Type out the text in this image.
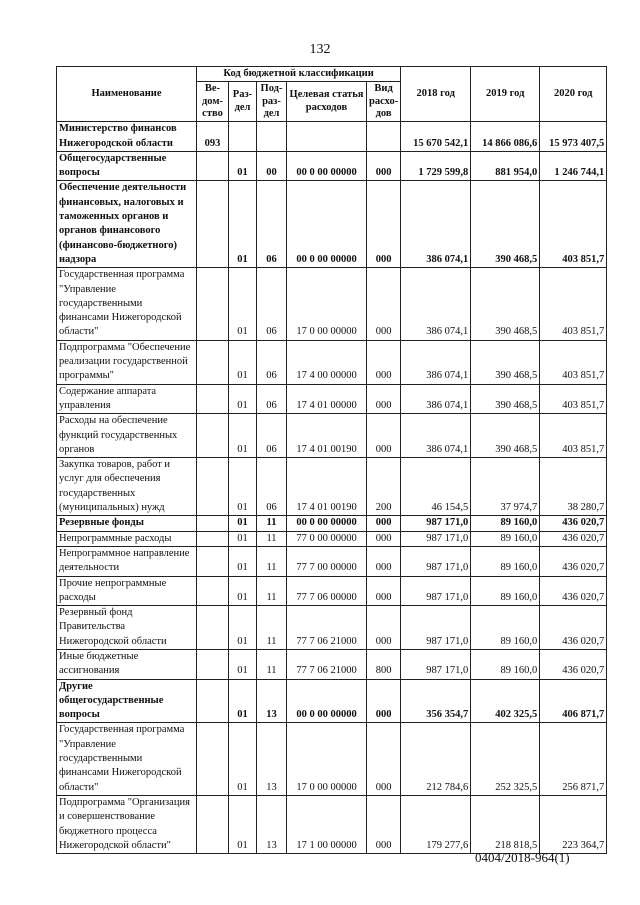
132
Наименование	Код бюджетной классификации					2018 год	2019 год	2020 год
	Ве-дом-ство	Раз-дел	Под-раз-дел	Целевая статья расходов	Вид расхо-дов			
Министерство финансов Нижегородской области	093					15 670 542,1	14 866 086,6	15 973 407,5
Общегосударственные вопросы		01	00	00 0 00 00000	000	1 729 599,8	881 954,0	1 246 744,1
Обеспечение деятельности финансовых, налоговых и таможенных органов и органов финансового (финансово-бюджетного) надзора		01	06	00 0 00 00000	000	386 074,1	390 468,5	403 851,7
Государственная программа "Управление государственными финансами Нижегородской области"		01	06	17 0 00 00000	000	386 074,1	390 468,5	403 851,7
Подпрограмма "Обеспечение реализации государственной программы"		01	06	17 4 00 00000	000	386 074,1	390 468,5	403 851,7
Содержание аппарата управления		01	06	17 4 01 00000	000	386 074,1	390 468,5	403 851,7
Расходы на обеспечение функций государственных органов		01	06	17 4 01 00190	000	386 074,1	390 468,5	403 851,7
Закупка товаров, работ и услуг для обеспечения государственных (муниципальных) нужд		01	06	17 4 01 00190	200	46 154,5	37 974,7	38 280,7
Резервные фонды		01	11	00 0 00 00000	000	987 171,0	89 160,0	436 020,7
Непрограммные расходы		01	11	77 0 00 00000	000	987 171,0	89 160,0	436 020,7
Непрограммное направление деятельности		01	11	77 7 00 00000	000	987 171,0	89 160,0	436 020,7
Прочие непрограммные расходы		01	11	77 7 06 00000	000	987 171,0	89 160,0	436 020,7
Резервный фонд Правительства Нижегородской области		01	11	77 7 06 21000	000	987 171,0	89 160,0	436 020,7
Иные бюджетные ассигнования		01	11	77 7 06 21000	800	987 171,0	89 160,0	436 020,7
Другие общегосударственные вопросы		01	13	00 0 00 00000	000	356 354,7	402 325,5	406 871,7
Государственная программа "Управление государственными финансами Нижегородской области"		01	13	17 0 00 00000	000	212 784,6	252 325,5	256 871,7
Подпрограмма "Организация и совершенствование бюджетного процесса Нижегородской области"		01	13	17 1 00 00000	000	179 277,6	218 818,5	223 364,7
0404/2018-964(1)
